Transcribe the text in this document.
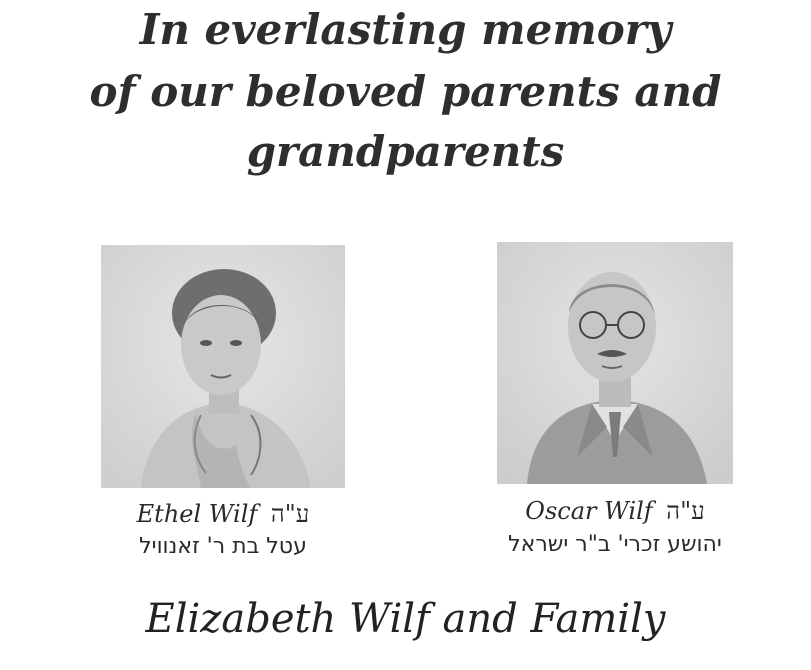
In everlasting memory
of our beloved parents and grandparents
Ethel Wilf ע"ה
עטל בת ר' זאנוויל
Oscar Wilf ע"ה
יהושע זכרי' ב"ר ישראל
Elizabeth Wilf and Family
